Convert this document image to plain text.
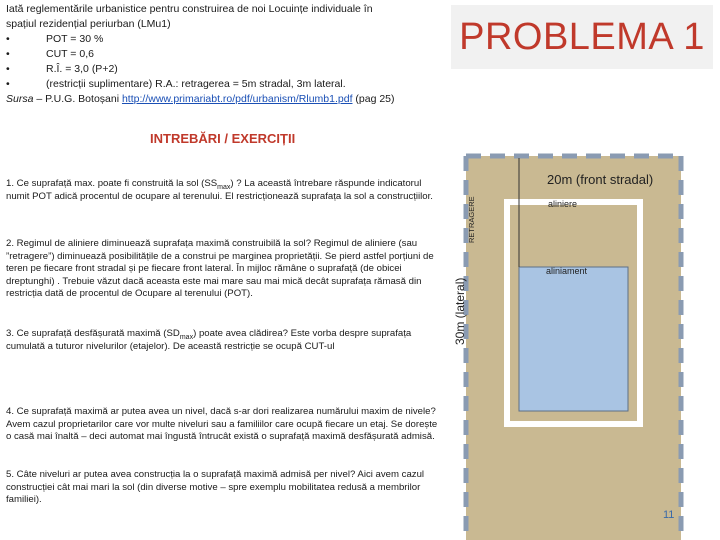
Iată reglementările urbanistice pentru construirea de noi Locuințe individuale în
spațiul rezidențial periurban (LMu1)
•	POT = 30 %
•	CUT = 0,6
•	R.Î. = 3,0 (P+2)
•	(restricții suplimentare) R.A.: retragerea = 5m stradal, 3m lateral.
Sursa – P.U.G. Botoșani http://www.primariabt.ro/pdf/urbanism/Rlumb1.pdf (pag 25)
PROBLEMA 1
INTREBĂRI / EXERCIȚII
1. Ce suprafață max. poate fi construită la sol $(SS_{max})$ ? La această întrebare răspunde indicatorul numit POT adică procentul de ocupare al terenului. El restricționează suprafața la sol a construcțiilor.
2. Regimul de aliniere diminuează suprafața maximă construibilă la sol? Regimul de aliniere (sau ”retragere”) diminuează posibilitățile de a construi pe marginea proprietății. Se pierd astfel porțiuni de teren pe fiecare front stradal și pe fiecare front lateral. În mijloc rămâne o suprafață (de obicei dreptunghi) . Trebuie văzut dacă aceasta este mai mare sau mai mică decât suprafața rămasă din restricția dată de procentul de Ocupare al terenului (POT).
3. Ce suprafață desfășurată maximă $(SD_{max})$ poate avea clădirea? Este vorba despre suprafața cumulată a tuturor nivelurilor (etajelor). De această restricție se ocupă CUT-ul
4. Ce suprafață maximă ar putea avea un nivel, dacă s-ar dori realizarea numărului maxim de nivele? Avem cazul proprietarilor care vor multe niveluri sau a familiilor care ocupă fiecare un etaj. Se dorește o casă mai înaltă – deci automat mai îngustă întrucât există o suprafață maximă desfășurată admisă.
5. Câte niveluri ar putea avea construcția la o suprafață maximă admisă per nivel? Aici avem cazul construcției cât mai mari la sol (din diverse motive – spre exemplu mobilitatea redusă a membrilor familiei).
20m (front stradal)
aliniere
aliniament
RETRAGERE
30m (lateral)
11
